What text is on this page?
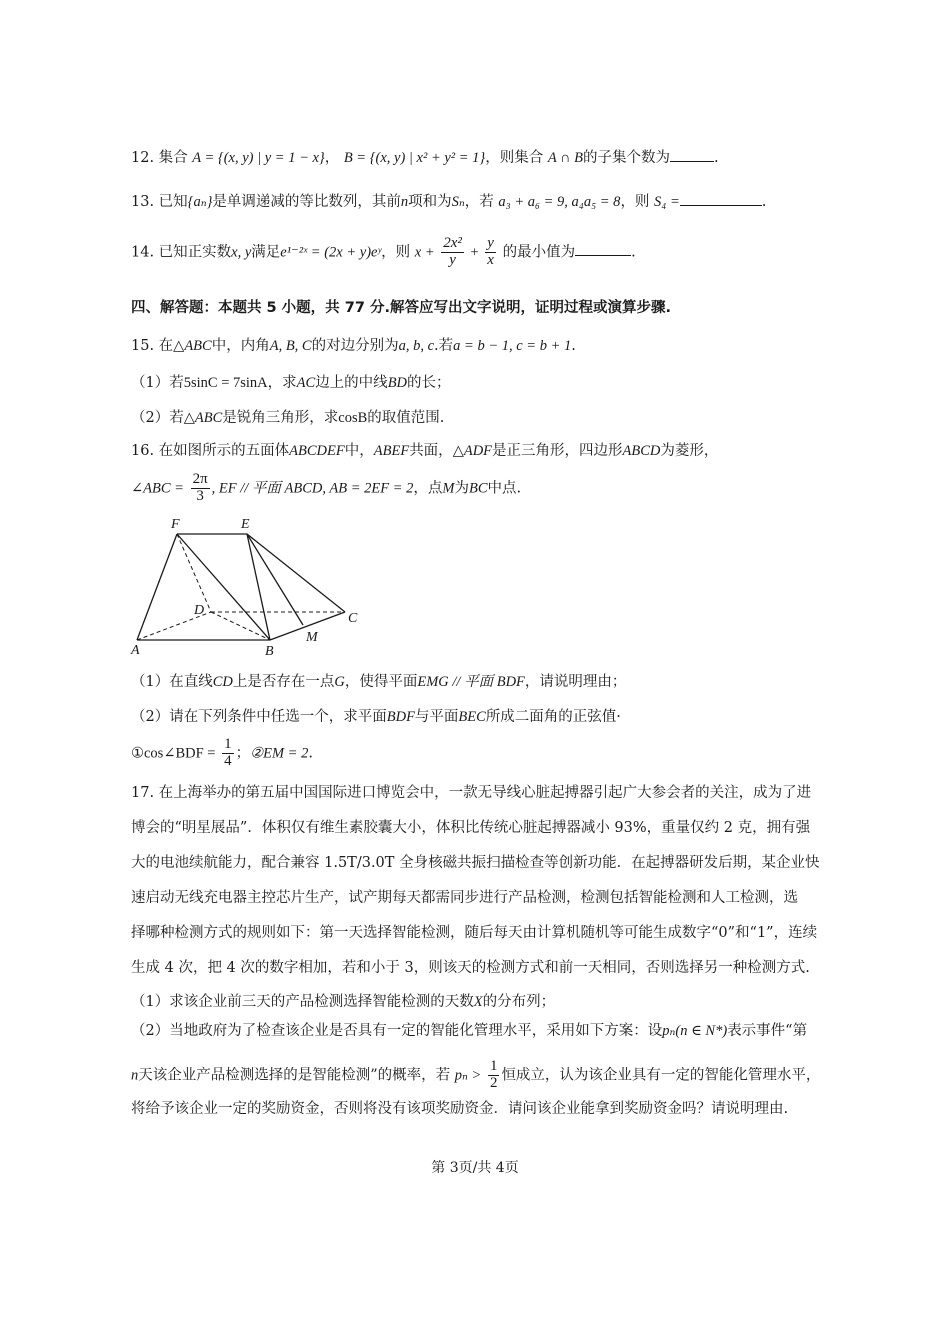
12. 集合 A = {(x, y) | y = 1 − x}， B = {(x, y) | x² + y² = 1}，则集合 A ∩ B的子集个数为	.
13. 已知{aₙ}是单调递减的等比数列，其前n项和为Sₙ，若 a₃ + a₆ = 9, a₄a₅ = 8，则 S₄ =	.
14. 已知正实数x, y满足e¹⁻²ˣ = (2x + y)eʸ，则 $x + \frac{\text{2x²}}{y} + \frac{y}{x}$ 的最小值为	.
四、解答题：本题共 5 小题，共 77 分.解答应写出文字说明，证明过程或演算步骤.
15. 在△ABC中，内角A, B, C的对边分别为a, b, c.若a = b − 1, c = b + 1.
（1）若5sinC = 7sinA，求AC边上的中线BD的长；
（2）若△ABC是锐角三角形，求cosB的取值范围.
16. 在如图所示的五面体ABCDEF中，ABEF共面，△ADF是正三角形，四边形ABCD为菱形，
∠ABC = $\frac{2\pi}{3}$ , EF // 平面 ABCD, AB = 2EF = 2，点M为BC中点.
F	E
D
C
M
A	B
（1）在直线CD上是否存在一点G，使得平面EMG // 平面 BDF，请说明理由；
（2）请在下列条件中任选一个，求平面BDF与平面BEC所成二面角的正弦值·
①cos∠BDF = $\frac{1}{4}$ ；②EM = 2.
17. 在上海举办的第五届中国国际进口博览会中，一款无导线心脏起搏器引起广大参会者的关注，成为了进
博会的“明星展品”．体积仅有维生素胶囊大小，体积比传统心脏起搏器减小 93%，重量仅约 2 克，拥有强
大的电池续航能力，配合兼容 1.5T/3.0T 全身核磁共振扫描检查等创新功能．在起搏器研发后期，某企业快
速启动无线充电器主控芯片生产，试产期每天都需同步进行产品检测，检测包括智能检测和人工检测，选
择哪种检测方式的规则如下：第一天选择智能检测，随后每天由计算机随机等可能生成数字“0”和“1”，连续
生成 4 次，把 4 次的数字相加，若和小于 3，则该天的检测方式和前一天相同，否则选择另一种检测方式.
（1）求该企业前三天的产品检测选择智能检测的天数X的分布列；
（2）当地政府为了检查该企业是否具有一定的智能化管理水平，采用如下方案：设pₙ(n ∈ N*)表示事件“第
n天该企业产品检测选择的是智能检测”的概率，若 $p_n > \frac{1}{2}$ 恒成立，认为该企业具有一定的智能化管理水平，
将给予该企业一定的奖励资金，否则将没有该项奖励资金．请问该企业能拿到奖励资金吗？请说明理由.
第 3页/共 4页
